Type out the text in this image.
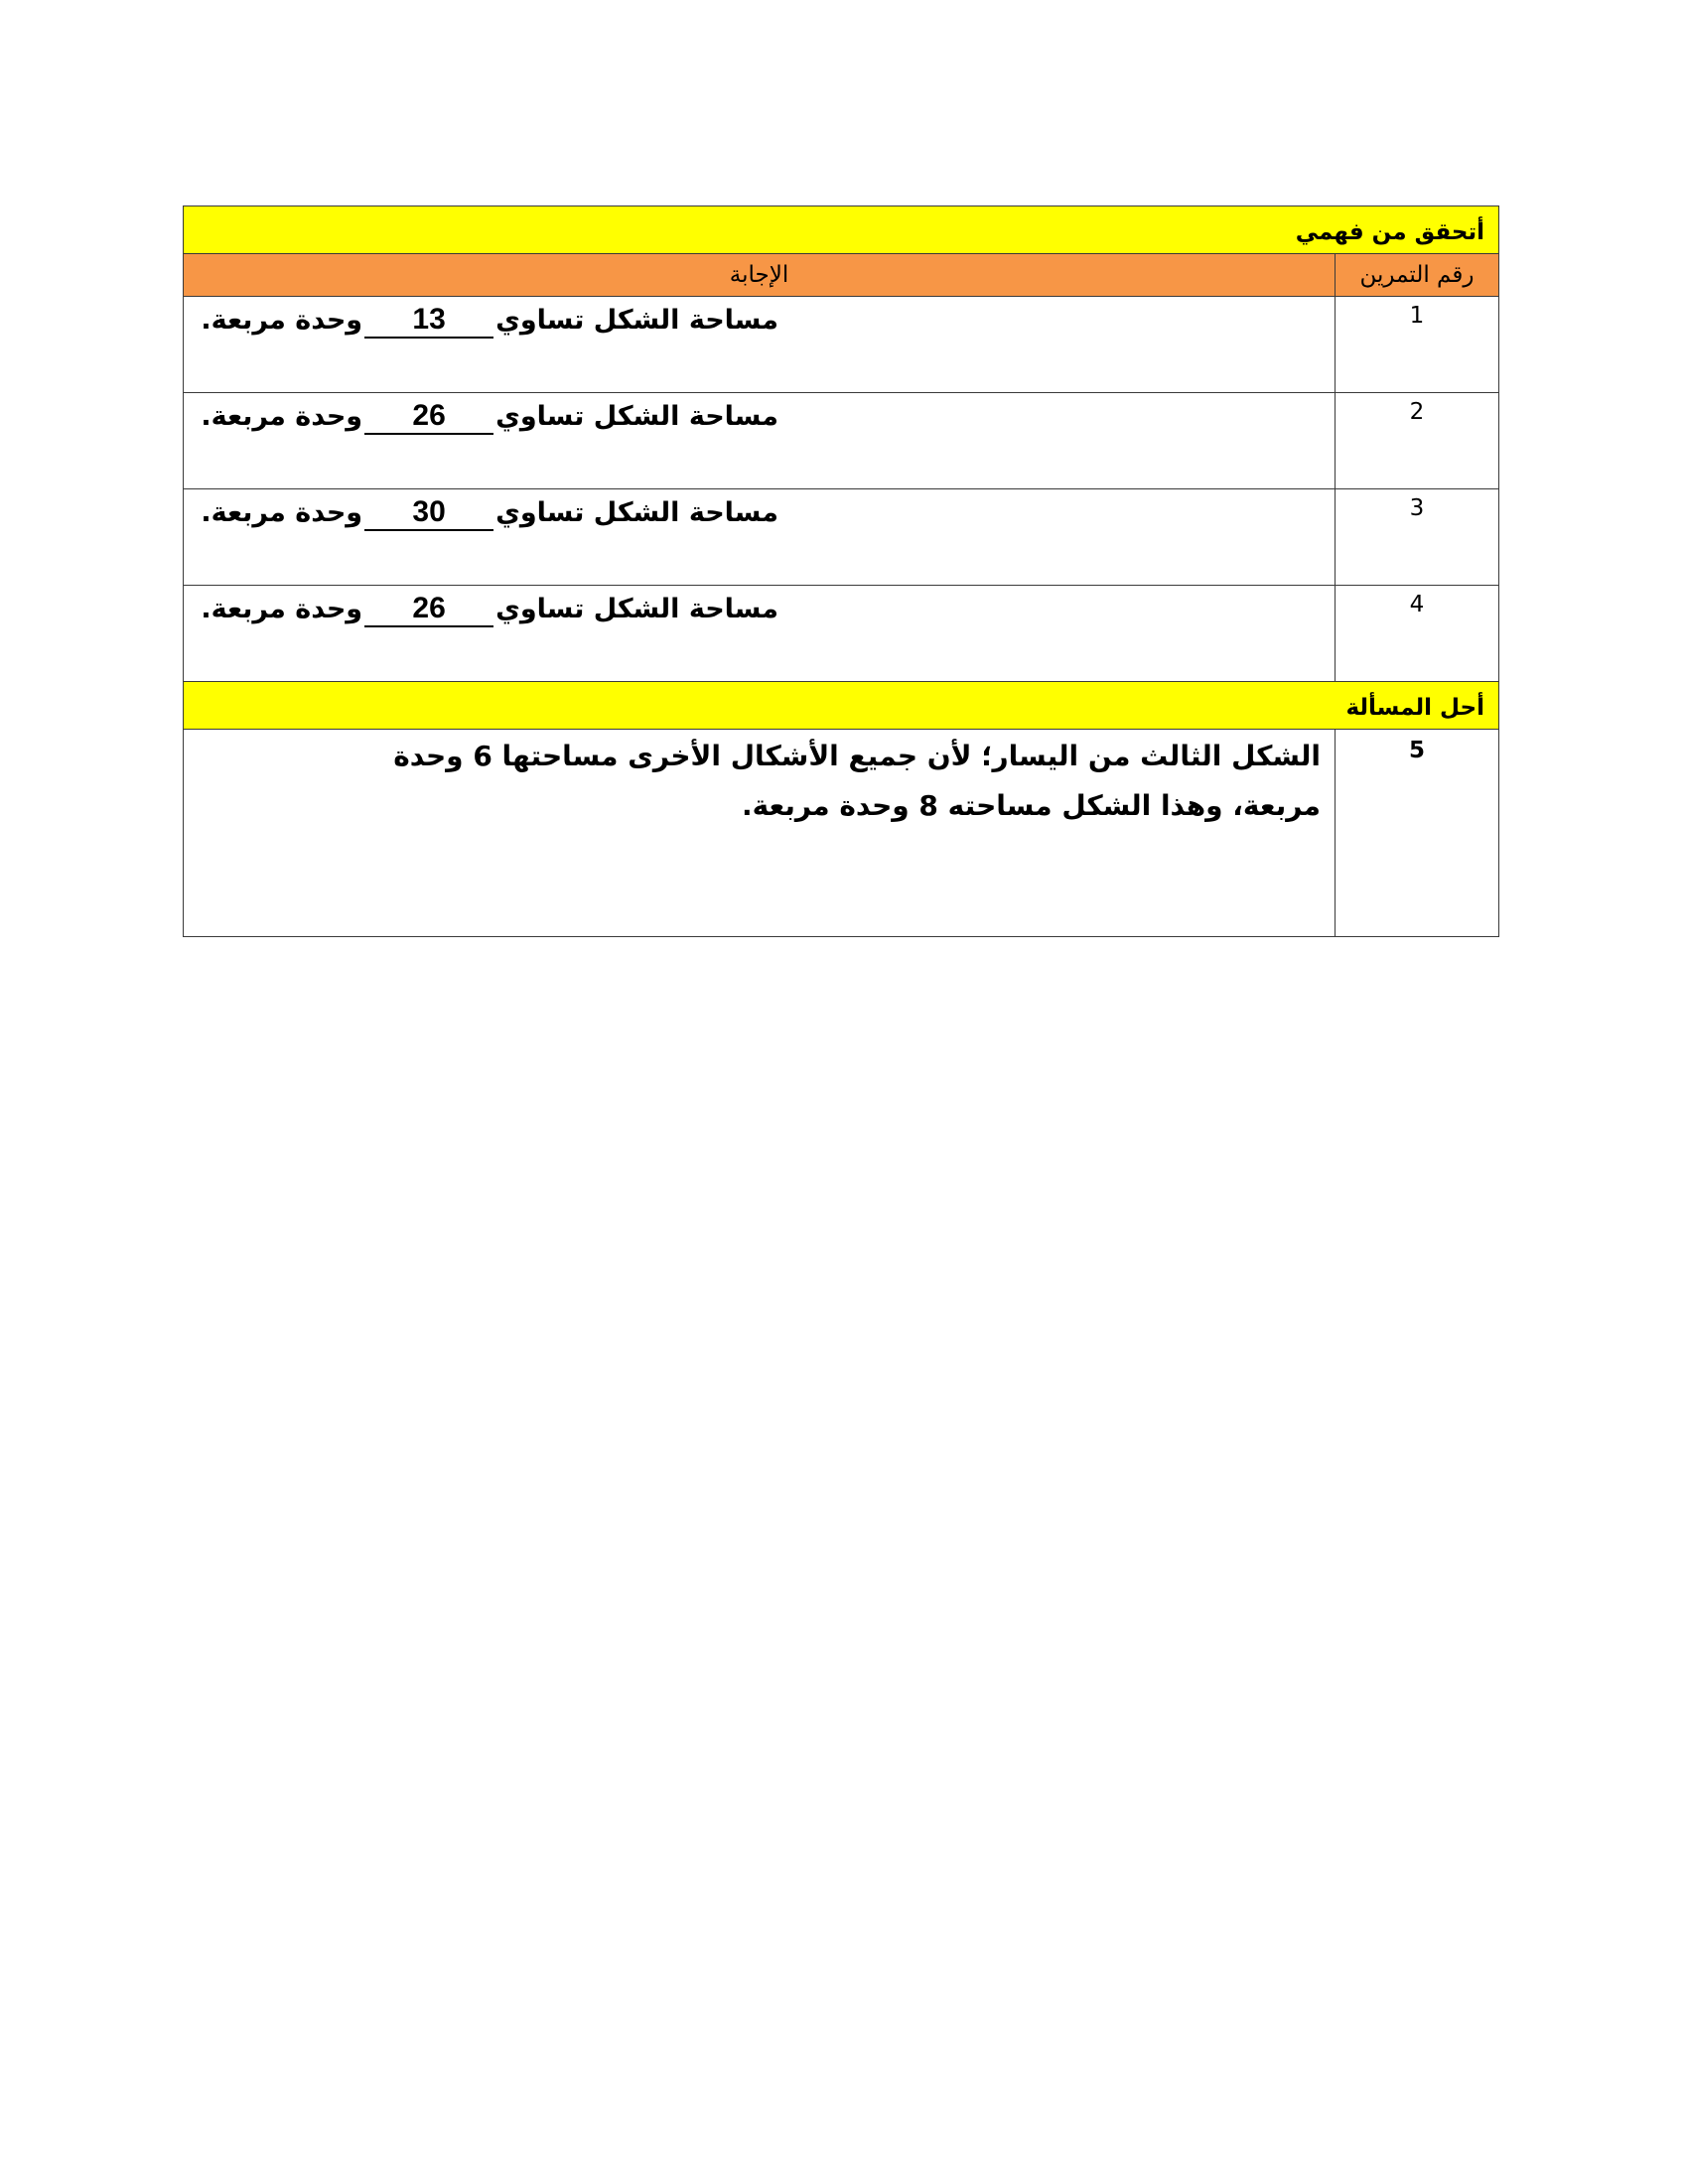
أتحقق من فهمي	
رقم التمرين	الإجابة
1	مساحة الشكل تساوي13وحدة مربعة.
2	مساحة الشكل تساوي26وحدة مربعة.
3	مساحة الشكل تساوي30وحدة مربعة.
4	مساحة الشكل تساوي26وحدة مربعة.
أحل المسألة	
5	الشكل الثالث من اليسار؛ لأن جميع الأشكال الأخرى مساحتها 6 وحدة مربعة، وهذا الشكل مساحته 8 وحدة مربعة.
